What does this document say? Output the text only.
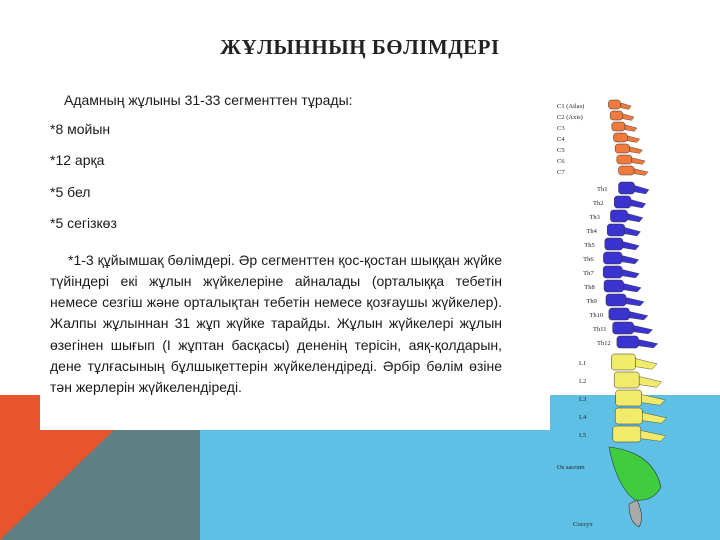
ЖҰЛЫННЫҢ БӨЛІМДЕРІ

Адамның жұлыны 31-33 сегменттен тұрады:

*8 мойын

*12 арқа

*5 бел

*5 сегізкөз

*1-3 құйымшақ бөлімдері. Әр сегменттен қос-қостан шыққан жүйке түйіндері екі жұлын жүйкелеріне айналады (орталыққа тебетін немесе сезгіш және орталықтан тебетін немесе қозғаушы жүйкелер). Жалпы жұлыннан 31 жұп жүйке тарайды. Жұлын жүйкелері жұлын өзегінен шығып (І жұптан басқасы) дененің терісін, аяқ-қолдарын, дене тұлғасының бұлшықеттерін жүйкелендіреді. Әрбір бөлім өзіне тән жерлерін жүйкелендіреді.

C1 (Atlas)
C2 (Axis)
C3
C4
C5
C6
C7
Th1
Th2
Th3
Th4
Th5
Th6
Th7
Th8
Th9
Th10
Th11
Th12
L1
L2
L3
L4
L5
Os sacrum
Coccyx
